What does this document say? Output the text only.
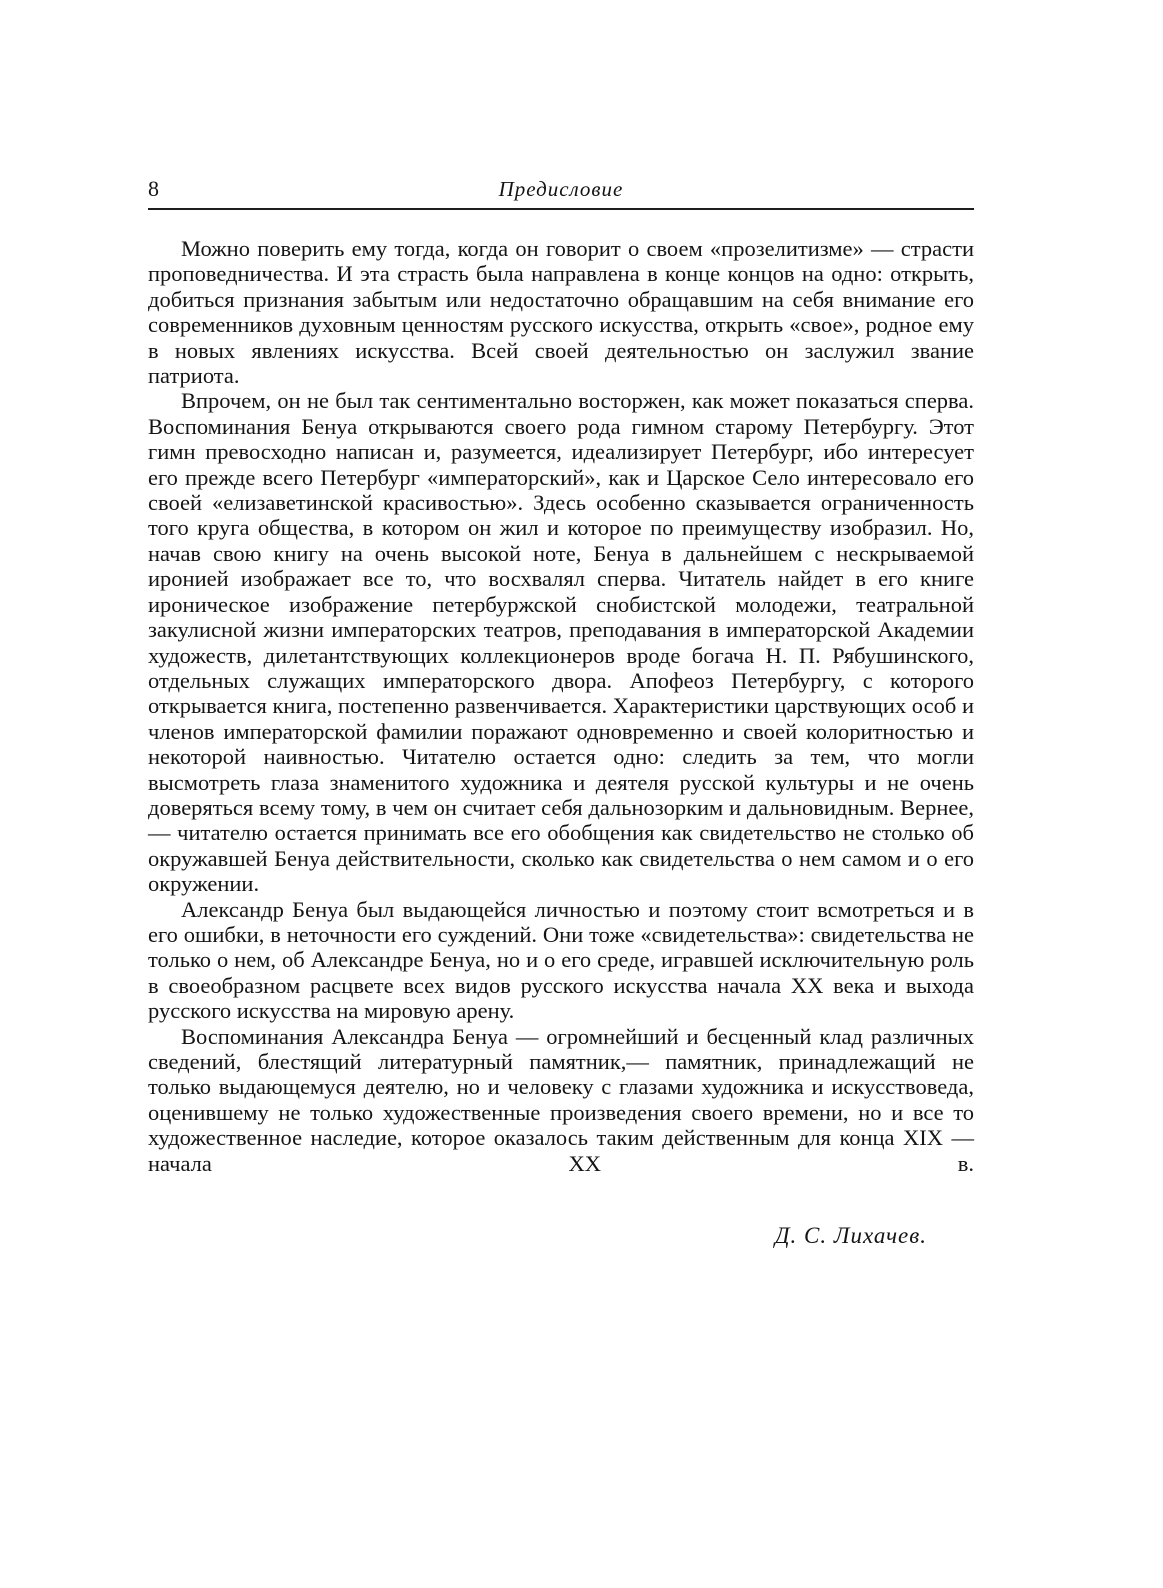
8	Предисловие

Можно поверить ему тогда, когда он говорит о своем «прозелитизме» — страсти проповедничества. И эта страсть была направлена в конце концов на одно: открыть, добиться признания забытым или недостаточно обращавшим на себя внимание его современников духовным ценностям русского искусства, открыть «свое», родное ему в новых явлениях искусства. Всей своей деятельностью он заслужил звание патриота.

Впрочем, он не был так сентиментально восторжен, как может показаться сперва. Воспоминания Бенуа открываются своего рода гимном старому Петербургу. Этот гимн превосходно написан и, разумеется, идеализирует Петербург, ибо интересует его прежде всего Петербург «императорский», как и Царское Село интересовало его своей «елизаветинской красивостью». Здесь особенно сказывается ограниченность того круга общества, в котором он жил и которое по преимуществу изобразил. Но, начав свою книгу на очень высокой ноте, Бенуа в дальнейшем с нескрываемой иронией изображает все то, что восхвалял сперва. Читатель найдет в его книге ироническое изображение петербуржской снобистской молодежи, театральной закулисной жизни императорских театров, преподавания в императорской Академии художеств, дилетантствующих коллекционеров вроде богача Н. П. Рябушинского, отдельных служащих императорского двора. Апофеоз Петербургу, с которого открывается книга, постепенно развенчивается. Характеристики царствующих особ и членов императорской фамилии поражают одновременно и своей колоритностью и некоторой наивностью. Читателю остается одно: следить за тем, что могли высмотреть глаза знаменитого художника и деятеля русской культуры и не очень доверяться всему тому, в чем он считает себя дальнозорким и дальновидным. Вернее,— читателю остается принимать все его обобщения как свидетельство не столько об окружавшей Бенуа действительности, сколько как свидетельства о нем самом и о его окружении.

Александр Бенуа был выдающейся личностью и поэтому стоит всмотреться и в его ошибки, в неточности его суждений. Они тоже «свидетельства»: свидетельства не только о нем, об Александре Бенуа, но и о его среде, игравшей исключительную роль в своеобразном расцвете всех видов русского искусства начала XX века и выхода русского искусства на мировую арену.

Воспоминания Александра Бенуа — огромнейший и бесценный клад различных сведений, блестящий литературный памятник,— памятник, принадлежащий не только выдающемуся деятелю, но и человеку с глазами художника и искусствоведа, оценившему не только художественные произведения своего времени, но и все то художественное наследие, которое оказалось таким действенным для конца XIX — начала XX в.

Д. С. Лихачев.
